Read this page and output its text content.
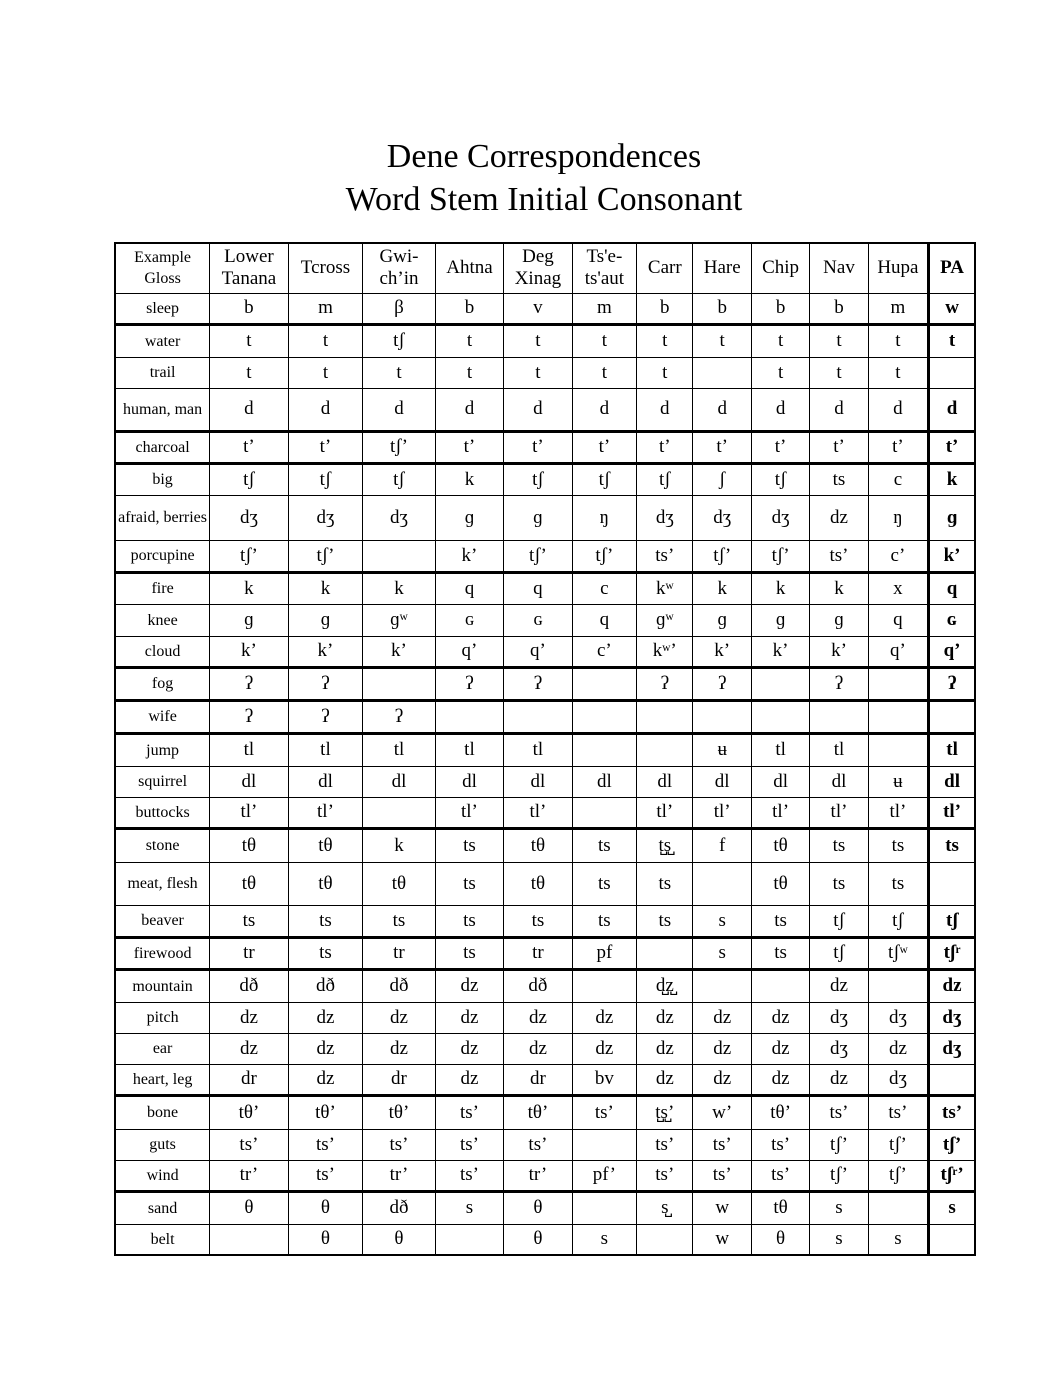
Dene Correspondences
Word Stem Initial Consonant
Example Gloss	Lower Tanana	Tcross	Gwi-ch’in	Ahtna	Deg Xinag	Ts'e-ts'aut	Carr	Hare	Chip	Nav	Hupa	PA
sleep	b	m	β	b	v	m	b	b	b	b	m	w
water	t	t	tʃ	t	t	t	t	t	t	t	t	t
trail	t	t	t	t	t	t	t		t	t	t	
human, man	d	d	d	d	d	d	d	d	d	d	d	d
charcoal	t’	t’	tʃ’	t’	t’	t’	t’	t’	t’	t’	t’	t’
big	tʃ	tʃ	tʃ	k	tʃ	tʃ	tʃ	ʃ	tʃ	ts	c	k
afraid, berries	dʒ	dʒ	dʒ	ɡ	ɡ	ŋ	dʒ	dʒ	dʒ	dz	ŋ	ɡ
porcupine	tʃ’	tʃ’		k’	tʃ’	tʃ’	ts’	tʃ’	tʃ’	ts’	c’	k’
fire	k	k	k	q	q	c	kʷ	k	k	k	x	q
knee	ɡ	ɡ	ɡʷ	ɢ	ɢ	q	ɡʷ	ɡ	ɡ	ɡ	q	ɢ
cloud	k’	k’	k’	q’	q’	c’	kʷ’	k’	k’	k’	q’	q’
fog	ʔ	ʔ		ʔ	ʔ		ʔ	ʔ		ʔ		ʔ
wife	ʔ	ʔ	ʔ									
jump	tl	tl	tl	tl	tl			ʉ	tl	tl		tl
squirrel	dl	dl	dl	dl	dl	dl	dl	dl	dl	dl	ʉ	dl
buttocks	tl’	tl’		tl’	tl’		tl’	tl’	tl’	tl’	tl’	tl’
stone	tθ	tθ	k	ts	tθ	ts	t̺s̺	f	tθ	ts	ts	ts
meat, flesh	tθ	tθ	tθ	ts	tθ	ts	ts		tθ	ts	ts	
beaver	ts	ts	ts	ts	ts	ts	ts	s	ts	tʃ	tʃ	tʃ
firewood	tr	ts	tr	ts	tr	pf		s	ts	tʃ	tʃʷ	tʃʳ
mountain	dð	dð	dð	dz	dð		d̺z̺			dz		dz
pitch	dz	dz	dz	dz	dz	dz	dz	dz	dz	dʒ	dʒ	dʒ
ear	dz	dz	dz	dz	dz	dz	dz	dz	dz	dʒ	dz	dʒ
heart, leg	dr	dz	dr	dz	dr	bv	dz	dz	dz	dz	dʒ	
bone	tθ’	tθ’	tθ’	ts’	tθ’	ts’	t̺s̺’	w’	tθ’	ts’	ts’	ts’
guts	ts’	ts’	ts’	ts’	ts’		ts’	ts’	ts’	tʃ’	tʃ’	tʃ’
wind	tr’	ts’	tr’	ts’	tr’	pf’	ts’	ts’	ts’	tʃ’	tʃ’	tʃʳ’
sand	θ	θ	dð	s	θ		s̺	w	tθ	s		s
belt		θ	θ		θ	s		w	θ	s	s	
